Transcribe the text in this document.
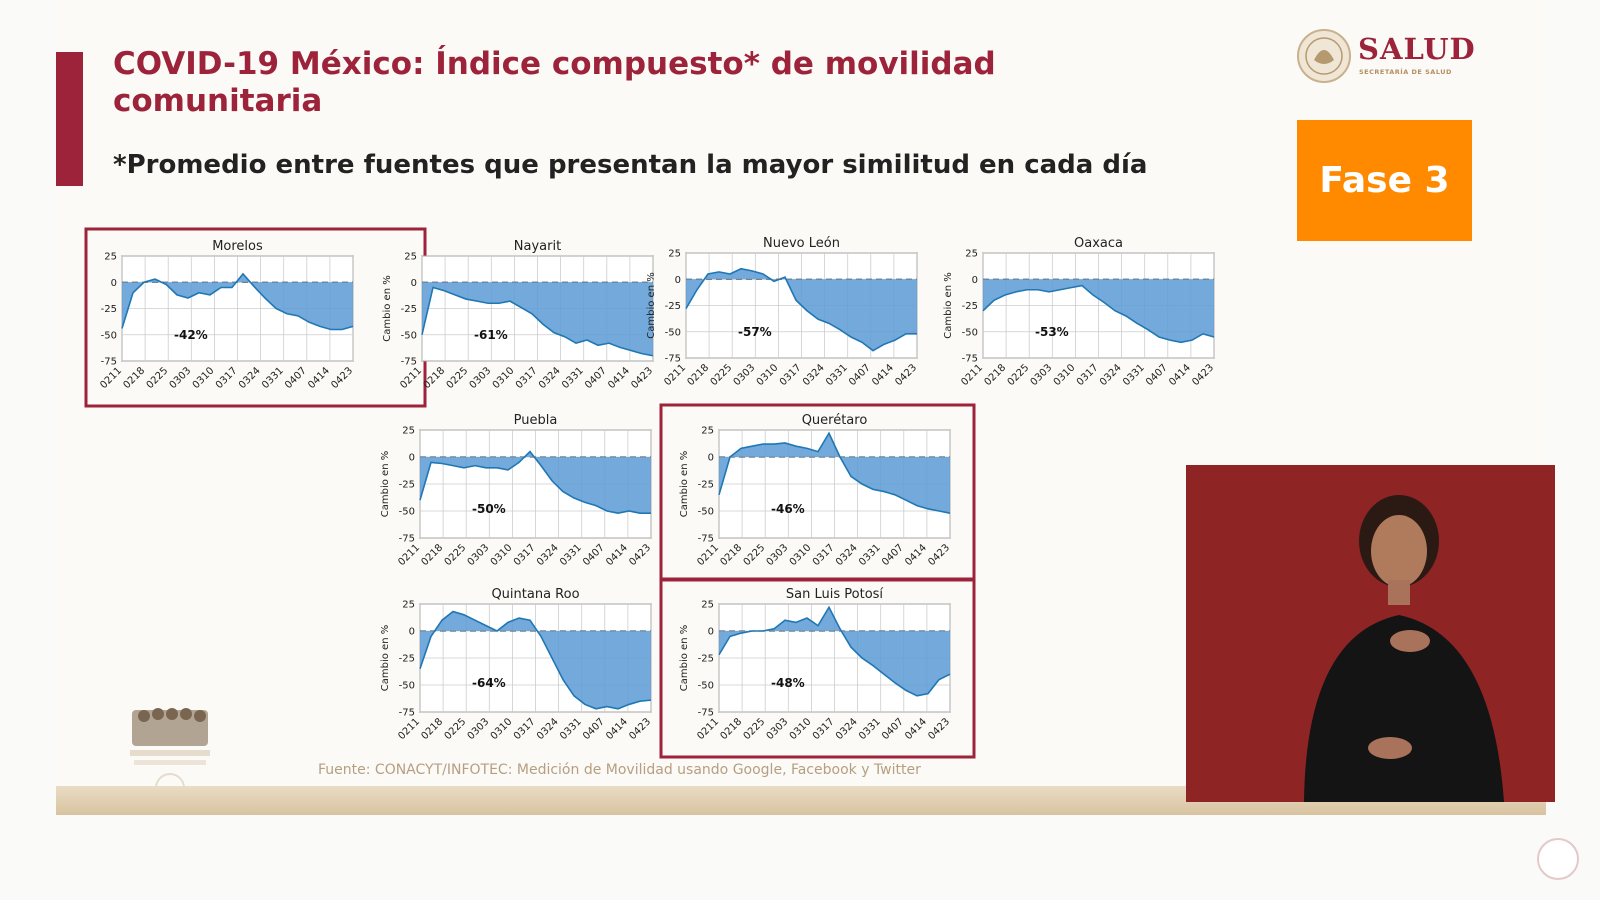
COVID-19 México: Índice compuesto* de movilidad comunitaria
*Promedio entre fuentes que presentan la mayor similitud en cada día
SALUD
SECRETARÍA DE SALUD
Fase 3
0211
0218
0225
0303
0310
0317
0324
0331
0407
0414
0423
25
0
-25
-50
-75
Morelos
-42%
0211
0218
0225
0303
0310
0317
0324
0331
0407
0414
0423
25
0
-25
-50
-75
Nayarit
Cambio en %	-61%
0211
0218
0225
0303
0310
0317
0324
0331
0407
0414
0423
25
0
-25
-50
-75
Nuevo León
Cambio en %	-57%
0211
0218
0225
0303
0310
0317
0324
0331
0407
0414
0423
25
0
-25
-50
-75
Oaxaca
Cambio en %	-53%
0211
0218
0225
0303
0310
0317
0324
0331
0407
0414
0423
25
0
-25
-50
-75
Puebla
Cambio en %	-50%
0211
0218
0225
0303
0310
0317
0324
0331
0407
0414
0423
25
0
-25
-50
-75
Querétaro
Cambio en %	-46%
0211
0218
0225
0303
0310
0317
0324
0331
0407
0414
0423
25
0
-25
-50
-75
Quintana Roo
Cambio en %	-64%
0211
0218
0225
0303
0310
0317
0324
0331
0407
0414
0423
25
0
-25
-50
-75
San Luis Potosí
Cambio en %	-48%
Fuente: CONACYT/INFOTEC: Medición de Movilidad usando Google, Facebook y Twitter
